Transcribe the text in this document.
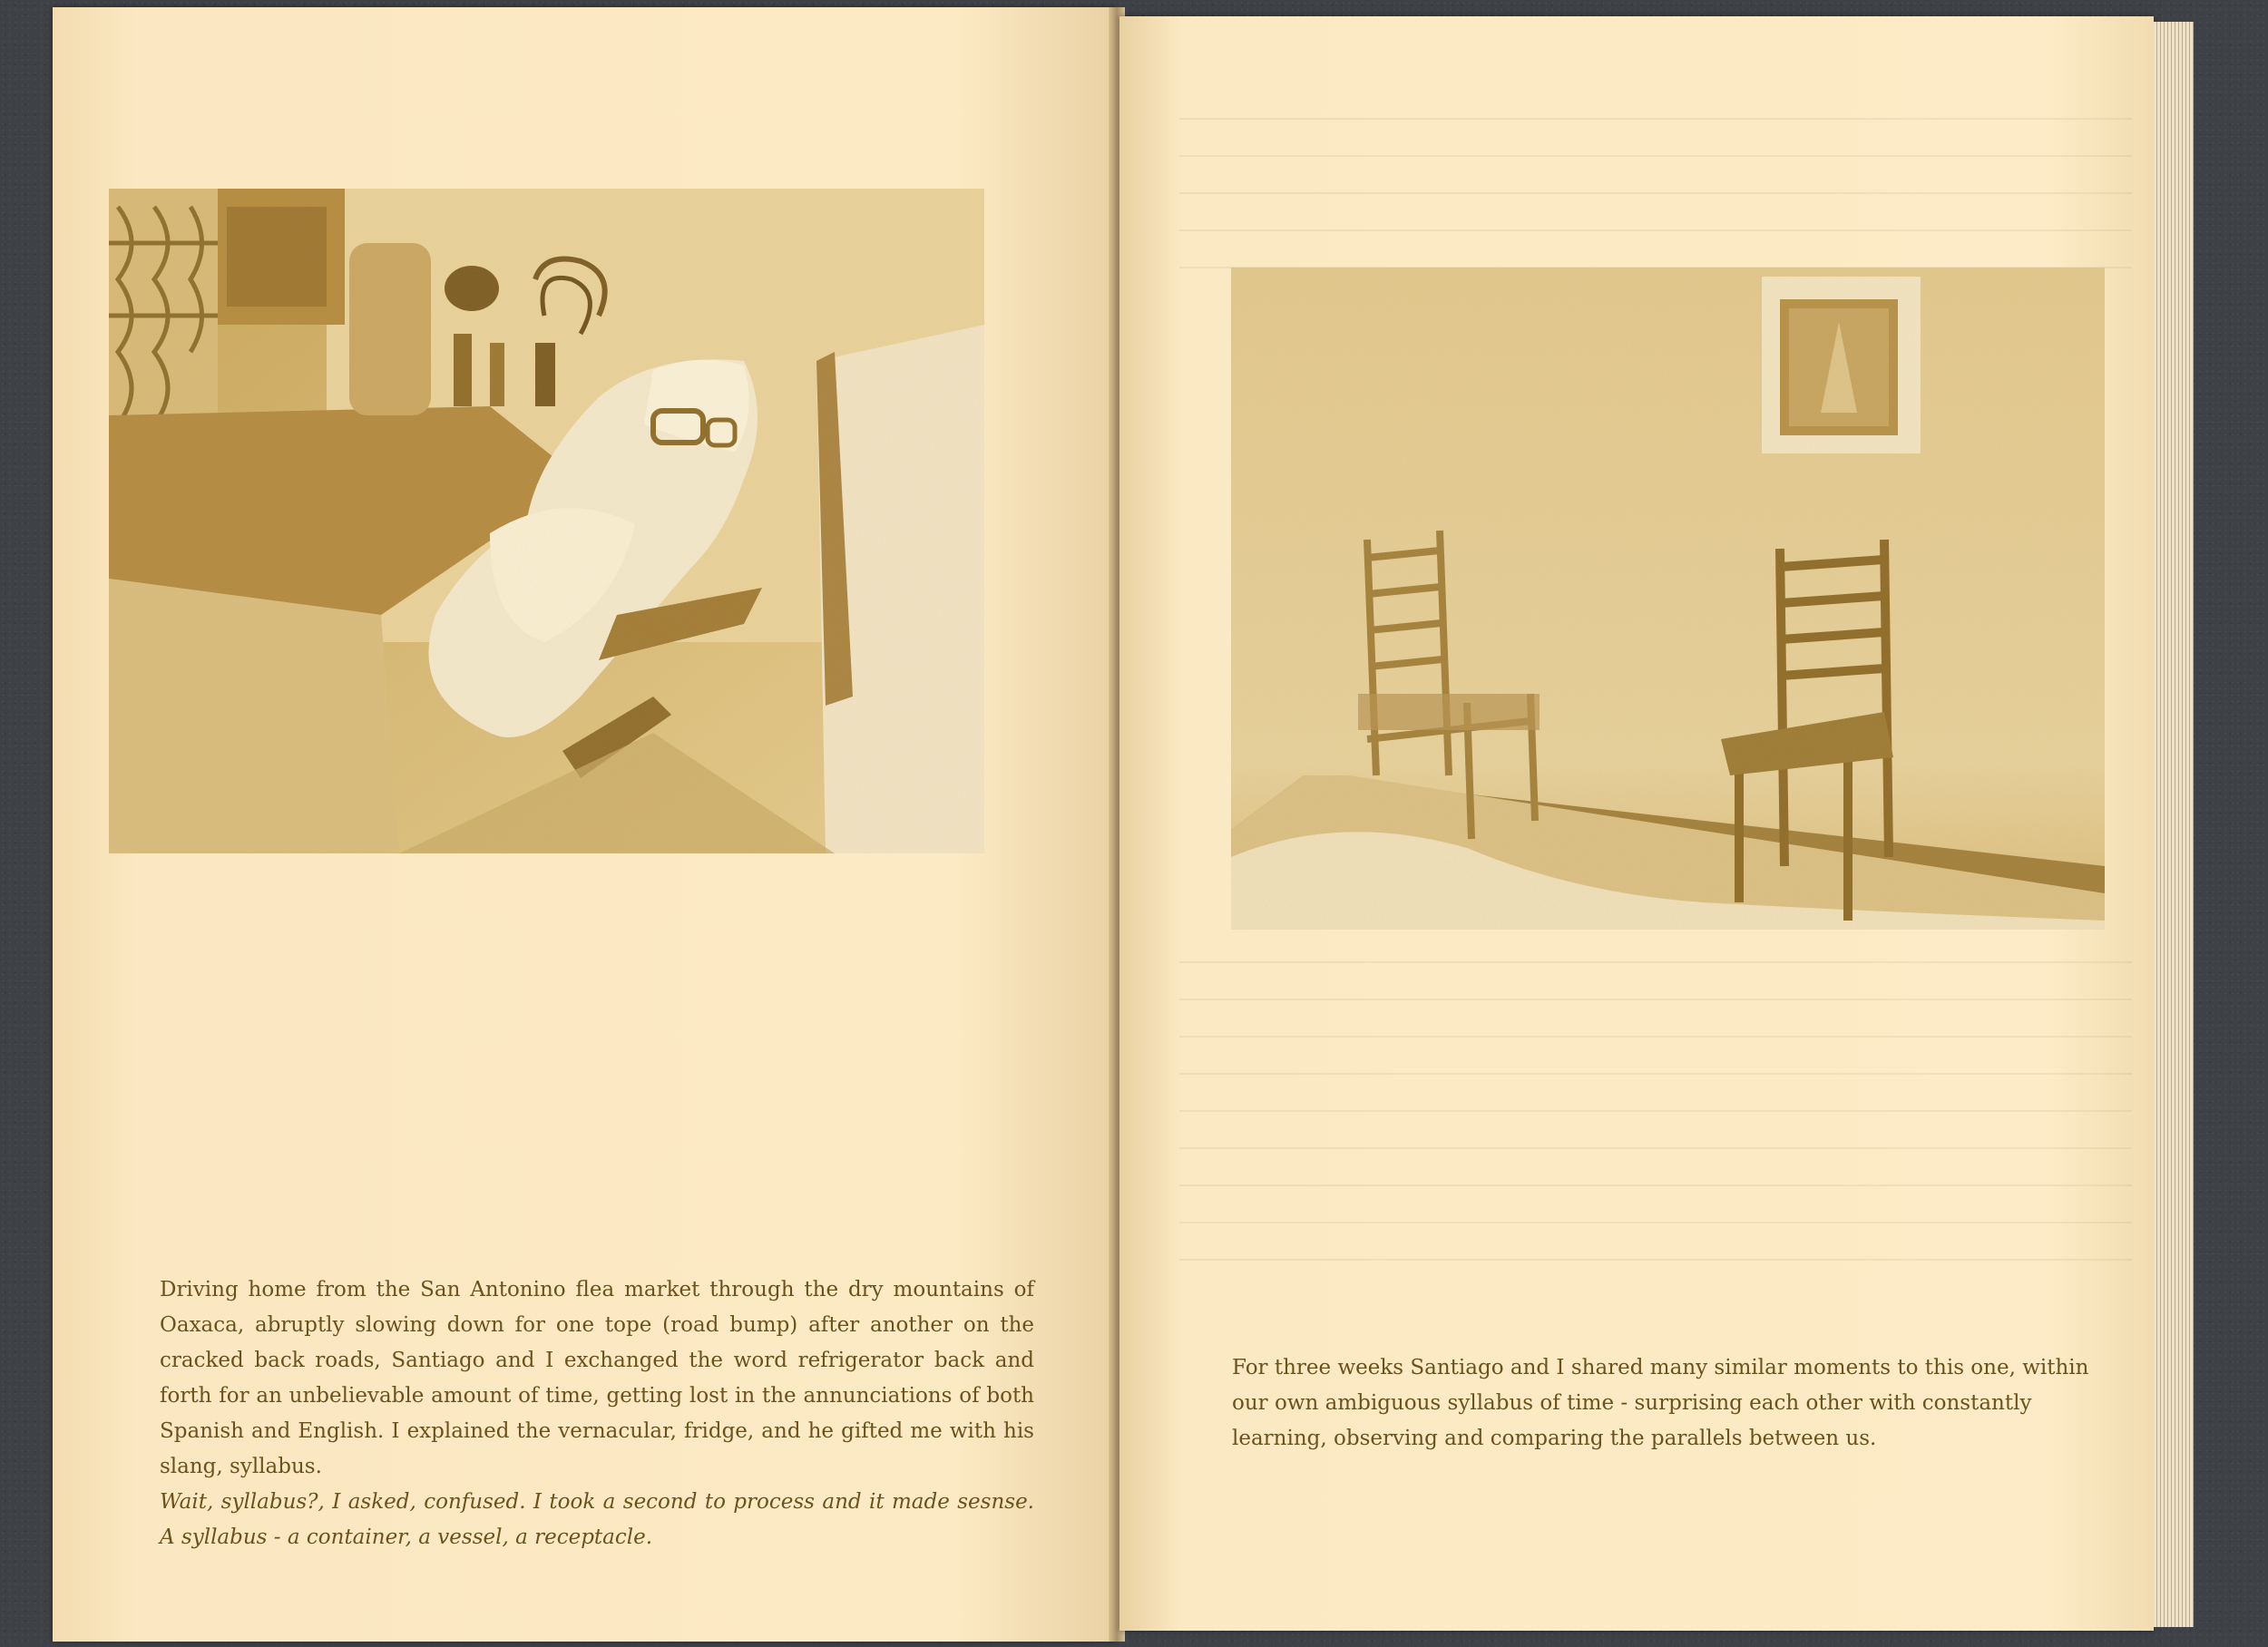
Driving home from the San Antonino flea market through the dry mountains of Oaxaca, abruptly slowing down for one tope (road bump) after another on the cracked back roads, Santiago and I exchanged the word refrigerator back and forth for an unbelievable amount of time, getting lost in the annunciations of both Spanish and English. I explained the vernacular, fridge, and he gifted me with his slang, syllabus.

Wait, syllabus?, I asked, confused. I took a second to process and it made sesnse. A syllabus - a container, a vessel, a receptacle.

For three weeks Santiago and I shared many similar moments to this one, within our own ambiguous syllabus of time - surprising each other with constantly learning, observing and comparing the parallels between us.
